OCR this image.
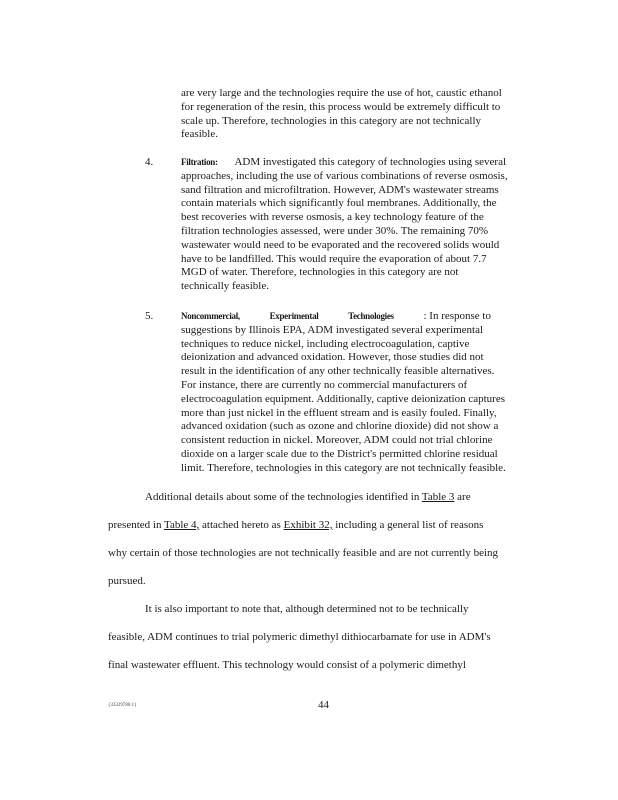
are very large and the technologies require the use of hot, caustic ethanol
for regeneration of the resin, this process would be extremely difficult to
scale up. Therefore, technologies in this category are not technically
feasible.
4.	Filtration: ADM investigated this category of technologies using several
approaches, including the use of various combinations of reverse osmosis,
sand filtration and microfiltration. However, ADM's wastewater streams
contain materials which significantly foul membranes. Additionally, the
best recoveries with reverse osmosis, a key technology feature of the
filtration technologies assessed, were under 30%. The remaining 70%
wastewater would need to be evaporated and the recovered solids would
have to be landfilled. This would require the evaporation of about 7.7
MGD of water. Therefore, technologies in this category are not
technically feasible.
5.	Noncommercial,	Experimental	Technologies	: In response to
suggestions by Illinois EPA, ADM investigated several experimental
techniques to reduce nickel, including electrocoagulation, captive
deionization and advanced oxidation. However, those studies did not
result in the identification of any other technically feasible alternatives.
For instance, there are currently no commercial manufacturers of
electrocoagulation equipment. Additionally, captive deionization captures
more than just nickel in the effluent stream and is easily fouled. Finally,
advanced oxidation (such as ozone and chlorine dioxide) did not show a
consistent reduction in nickel. Moreover, ADM could not trial chlorine
dioxide on a larger scale due to the District's permitted chlorine residual
limit. Therefore, technologies in this category are not technically feasible.
Additional details about some of the technologies identified in Table 3 are
presented in Table 4, attached hereto as Exhibit 32, including a general list of reasons
why certain of those technologies are not technically feasible and are not currently being
pursued.
It is also important to note that, although determined not to be technically
feasible, ADM continues to trial polymeric dimethyl dithiocarbamate for use in ADM's
final wastewater effluent. This technology would consist of a polymeric dimethyl
{33329780.1}	44
